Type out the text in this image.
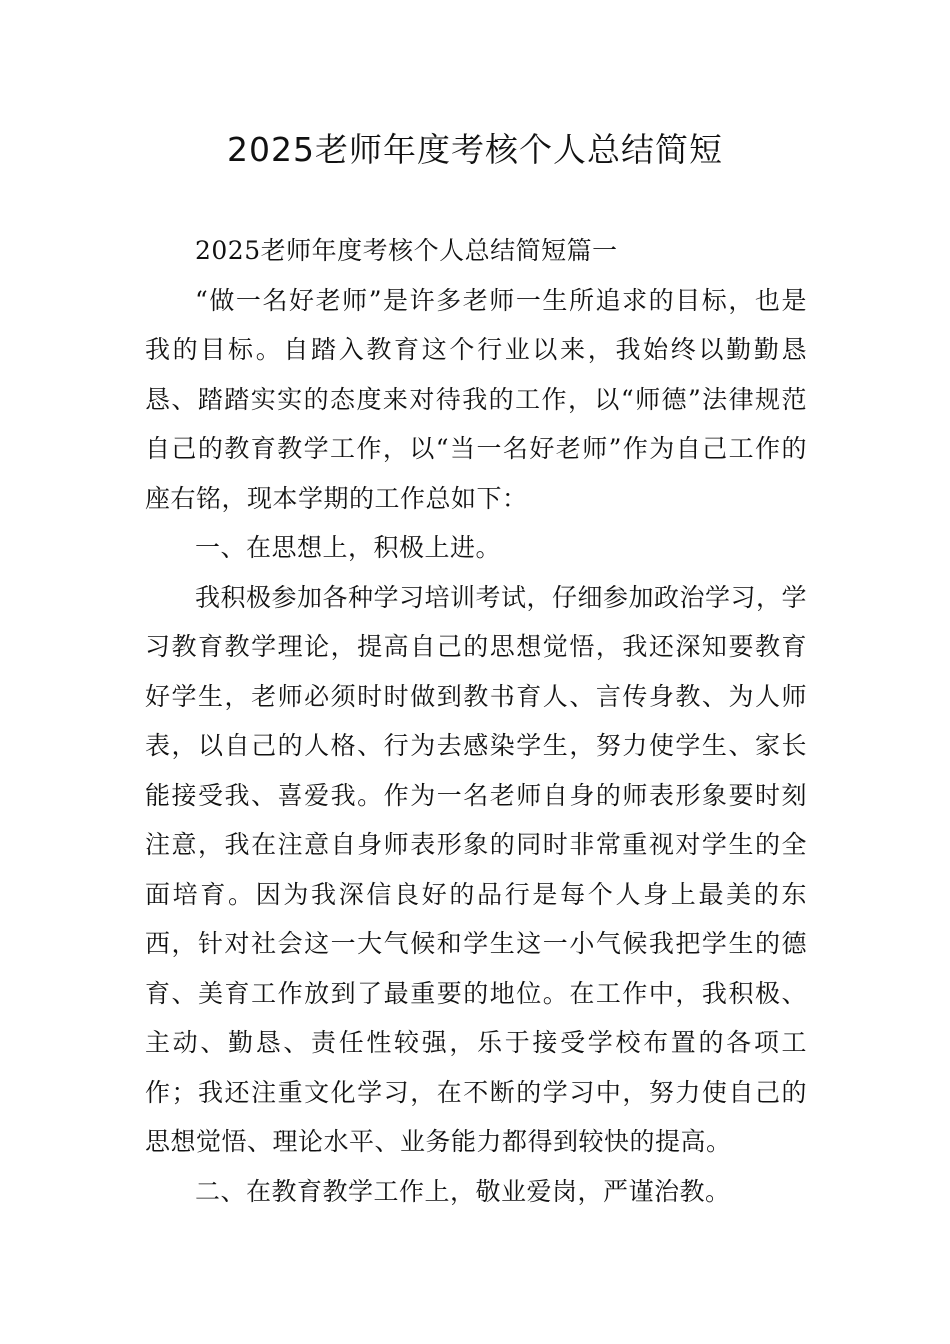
2025老师年度考核个人总结简短

2025老师年度考核个人总结简短篇一

“做一名好老师”是许多老师一生所追求的目标，也是我的目标。自踏入教育这个行业以来，我始终以勤勤恳恳、踏踏实实的态度来对待我的工作，以“师德”法律规范自己的教育教学工作，以“当一名好老师”作为自己工作的座右铭，现本学期的工作总如下：

一、在思想上，积极上进。

我积极参加各种学习培训考试，仔细参加政治学习，学习教育教学理论，提高自己的思想觉悟，我还深知要教育好学生，老师必须时时做到教书育人、言传身教、为人师表，以自己的人格、行为去感染学生，努力使学生、家长能接受我、喜爱我。作为一名老师自身的师表形象要时刻注意，我在注意自身师表形象的同时非常重视对学生的全面培育。因为我深信良好的品行是每个人身上最美的东西，针对社会这一大气候和学生这一小气候我把学生的德育、美育工作放到了最重要的地位。在工作中，我积极、主动、勤恳、责任性较强，乐于接受学校布置的各项工作；我还注重文化学习，在不断的学习中，努力使自己的思想觉悟、理论水平、业务能力都得到较快的提高。

二、在教育教学工作上，敬业爱岗，严谨治教。
